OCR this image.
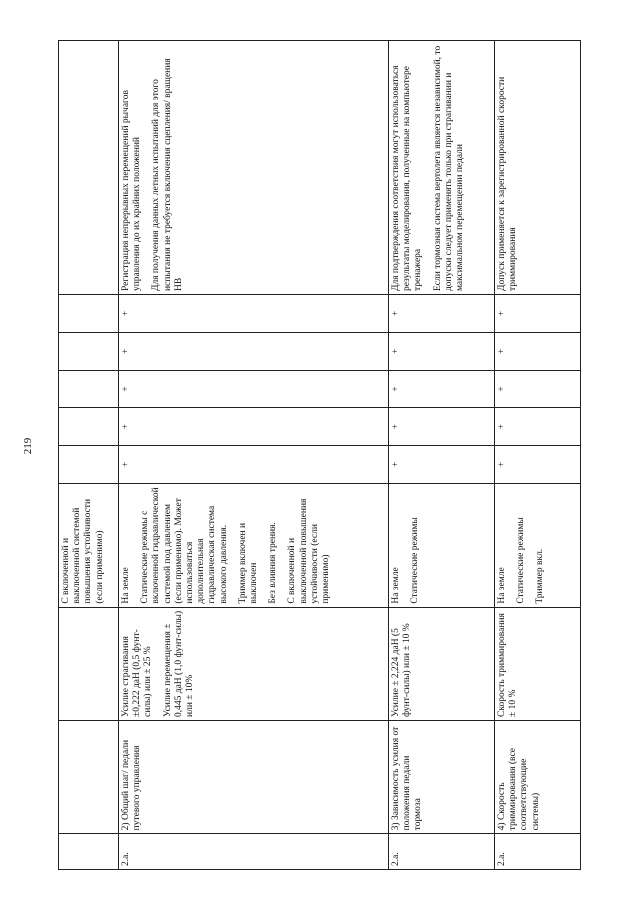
219
			С включенной и выключенной системой повышения устойчивости (если применимо)						
2.а.	2) Общий шаг/ педали путевого управления	Усилие страгивания ±0,222 даН (0,5 фунт-силы) или ± 25 % Усилие перемещения ± 0,445 даН (1,0 фунт-силы) или ± 10%	На земле Статические режимы с включенной гидравлической системой под давлением (если применимо). Может использоваться дополнительная гидравлическая система высокого давления. Триммер включен и выключен Без влияния трения. С включенной и выключенной повышения устойчивости (если применимо)	+	+	+	+	+	Регистрация непрерывных перемещений рычагов управления до их крайних положений Для получения данных летных испытаний для этого испытания не требуется включения сцепления/ вращения НВ

2.а.	3) Зависимость усилия от положения педали тормоза	Усилие ± 2,224 даН (5 фунт-силы) или ± 10 %	На земле Статические режимы	+	+	+	+	+	Для подтверждения соответствия могут использоваться результаты моделирования, полученные на компьютере тренажера Если тормозная система вертолета является независимой, то допуски следует применять только при страгивании и максимальном перемещении педали

2.а.	4) Скорость триммирования (все соответствующие системы)	Скорость триммирования ± 10 %	На земле Статические режимы Триммер вкл.	+	+	+	+	+	Допуск применяется к зарегистрированной скорости триммирования
